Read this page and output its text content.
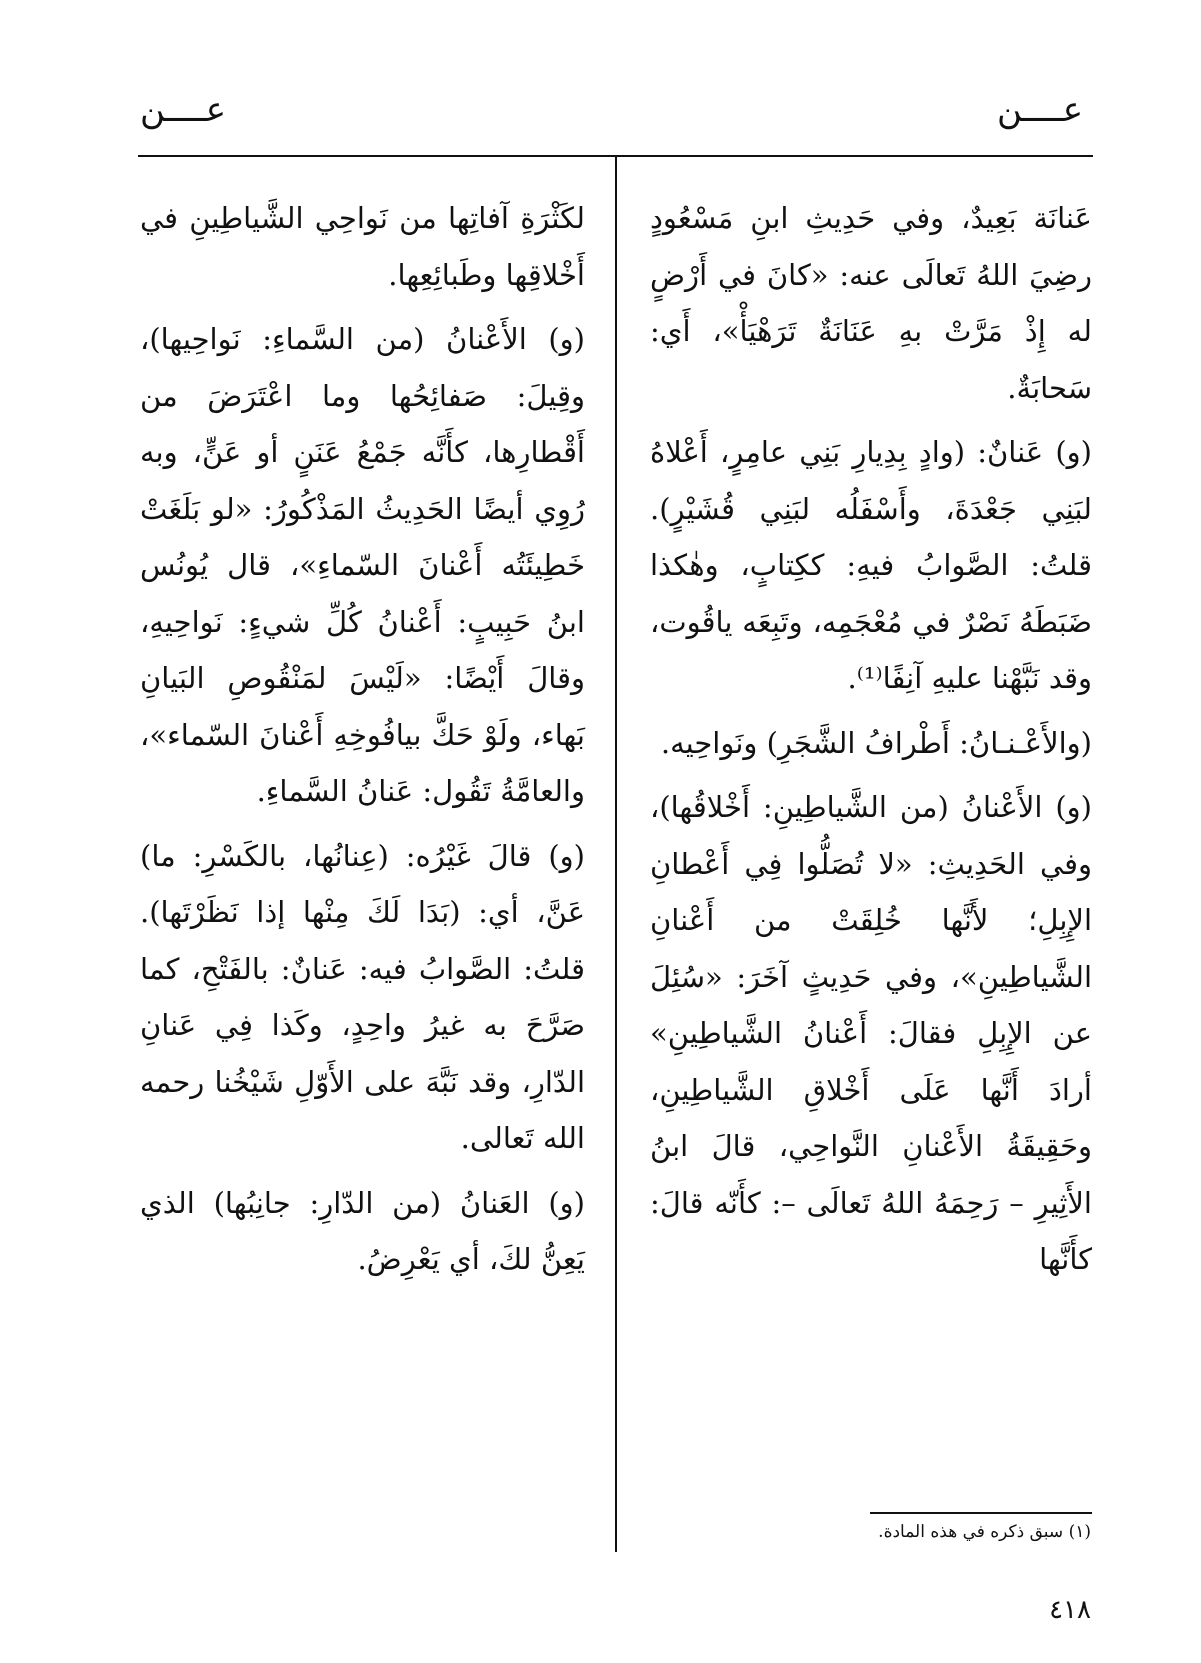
عــــن
عــــن

عَنانَة بَعِيدٌ، وفي حَدِيثِ ابنِ مَسْعُودٍ رضِيَ اللهُ تَعالَى عنه: «كانَ في أَرْضٍ له إِذْ مَرَّتْ بهِ عَنَانَةٌ تَرَهْيَأْ»، أَي: سَحابَةٌ.

(و) عَنانٌ: (وادٍ بِدِيارِ بَنِي عامِرٍ، أَعْلاهُ لبَنِي جَعْدَةَ، وأَسْفَلُه لبَنِي قُشَيْرٍ). قلتُ: الصَّوابُ فيهِ: ككِتابٍ، وهٰكذا ضَبَطَهُ نَصْرٌ في مُعْجَمِه، وتَبِعَه ياقُوت، وقد نَبَّهْنا عليهِ آنِفًا⁽¹⁾.

(والأَعْـنـانُ: أَطْرافُ الشَّجَرِ) ونَواحِيه.

(و) الأَعْنانُ (من الشَّياطِينِ: أَخْلاقُها)، وفي الحَدِيثِ: «لا تُصَلُّوا فِي أَعْطانِ الإِبِلِ؛ لأَنَّها خُلِقَتْ من أَعْنانِ الشَّياطِينِ»، وفي حَدِيثٍ آخَرَ: «سُئِلَ عن الإِبِلِ فقالَ: أَعْنانُ الشَّياطِينِ» أرادَ أَنَّها عَلَى أَخْلاقِ الشَّياطِينِ، وحَقِيقَةُ الأَعْنانِ النَّواحِي، قالَ ابنُ الأَثِيرِ – رَحِمَهُ اللهُ تَعالَى –: كأَنّه قالَ: كأَنَّها

لكَثْرَةِ آفاتِها من نَواحِي الشَّياطِينِ في أَخْلاقِها وطَبائِعِها.

(و) الأَعْنانُ (من السَّماءِ: نَواحِيها)، وقِيلَ: صَفائِحُها وما اعْتَرَضَ من أَقْطارِها، كأَنَّه جَمْعُ عَنَنٍ أو عَنٍّ، وبه رُوِي أيضًا الحَدِيثُ المَذْكُورُ: «لو بَلَغَتْ خَطِيئَتُه أَعْنانَ السّماءِ»، قال يُونُس ابنُ حَبِيبٍ: أَعْنانُ كُلِّ شيءٍ: نَواحِيهِ، وقالَ أَيْضًا: «لَيْسَ لمَنْقُوصِ البَيانِ بَهاء، ولَوْ حَكَّ بيافُوخِهِ أَعْنانَ السّماء»، والعامَّةُ تَقُول: عَنانُ السَّماءِ.

(و) قالَ غَيْرُه: (عِنانُها، بالكَسْرِ: ما) عَنَّ، أي: (بَدَا لَكَ مِنْها إذا نَظَرْتَها). قلتُ: الصَّوابُ فيه: عَنانٌ: بالفَتْحِ، كما صَرَّحَ به غيرُ واحِدٍ، وكَذا فِي عَنانِ الدّارِ، وقد نَبَّهَ على الأَوّلِ شَيْخُنا رحمه الله تَعالى.

(و) العَنانُ (من الدّارِ: جانِبُها) الذي يَعِنُّ لكَ، أي يَعْرِضُ.

(١) سبق ذكره في هذه المادة.
٤١٨
